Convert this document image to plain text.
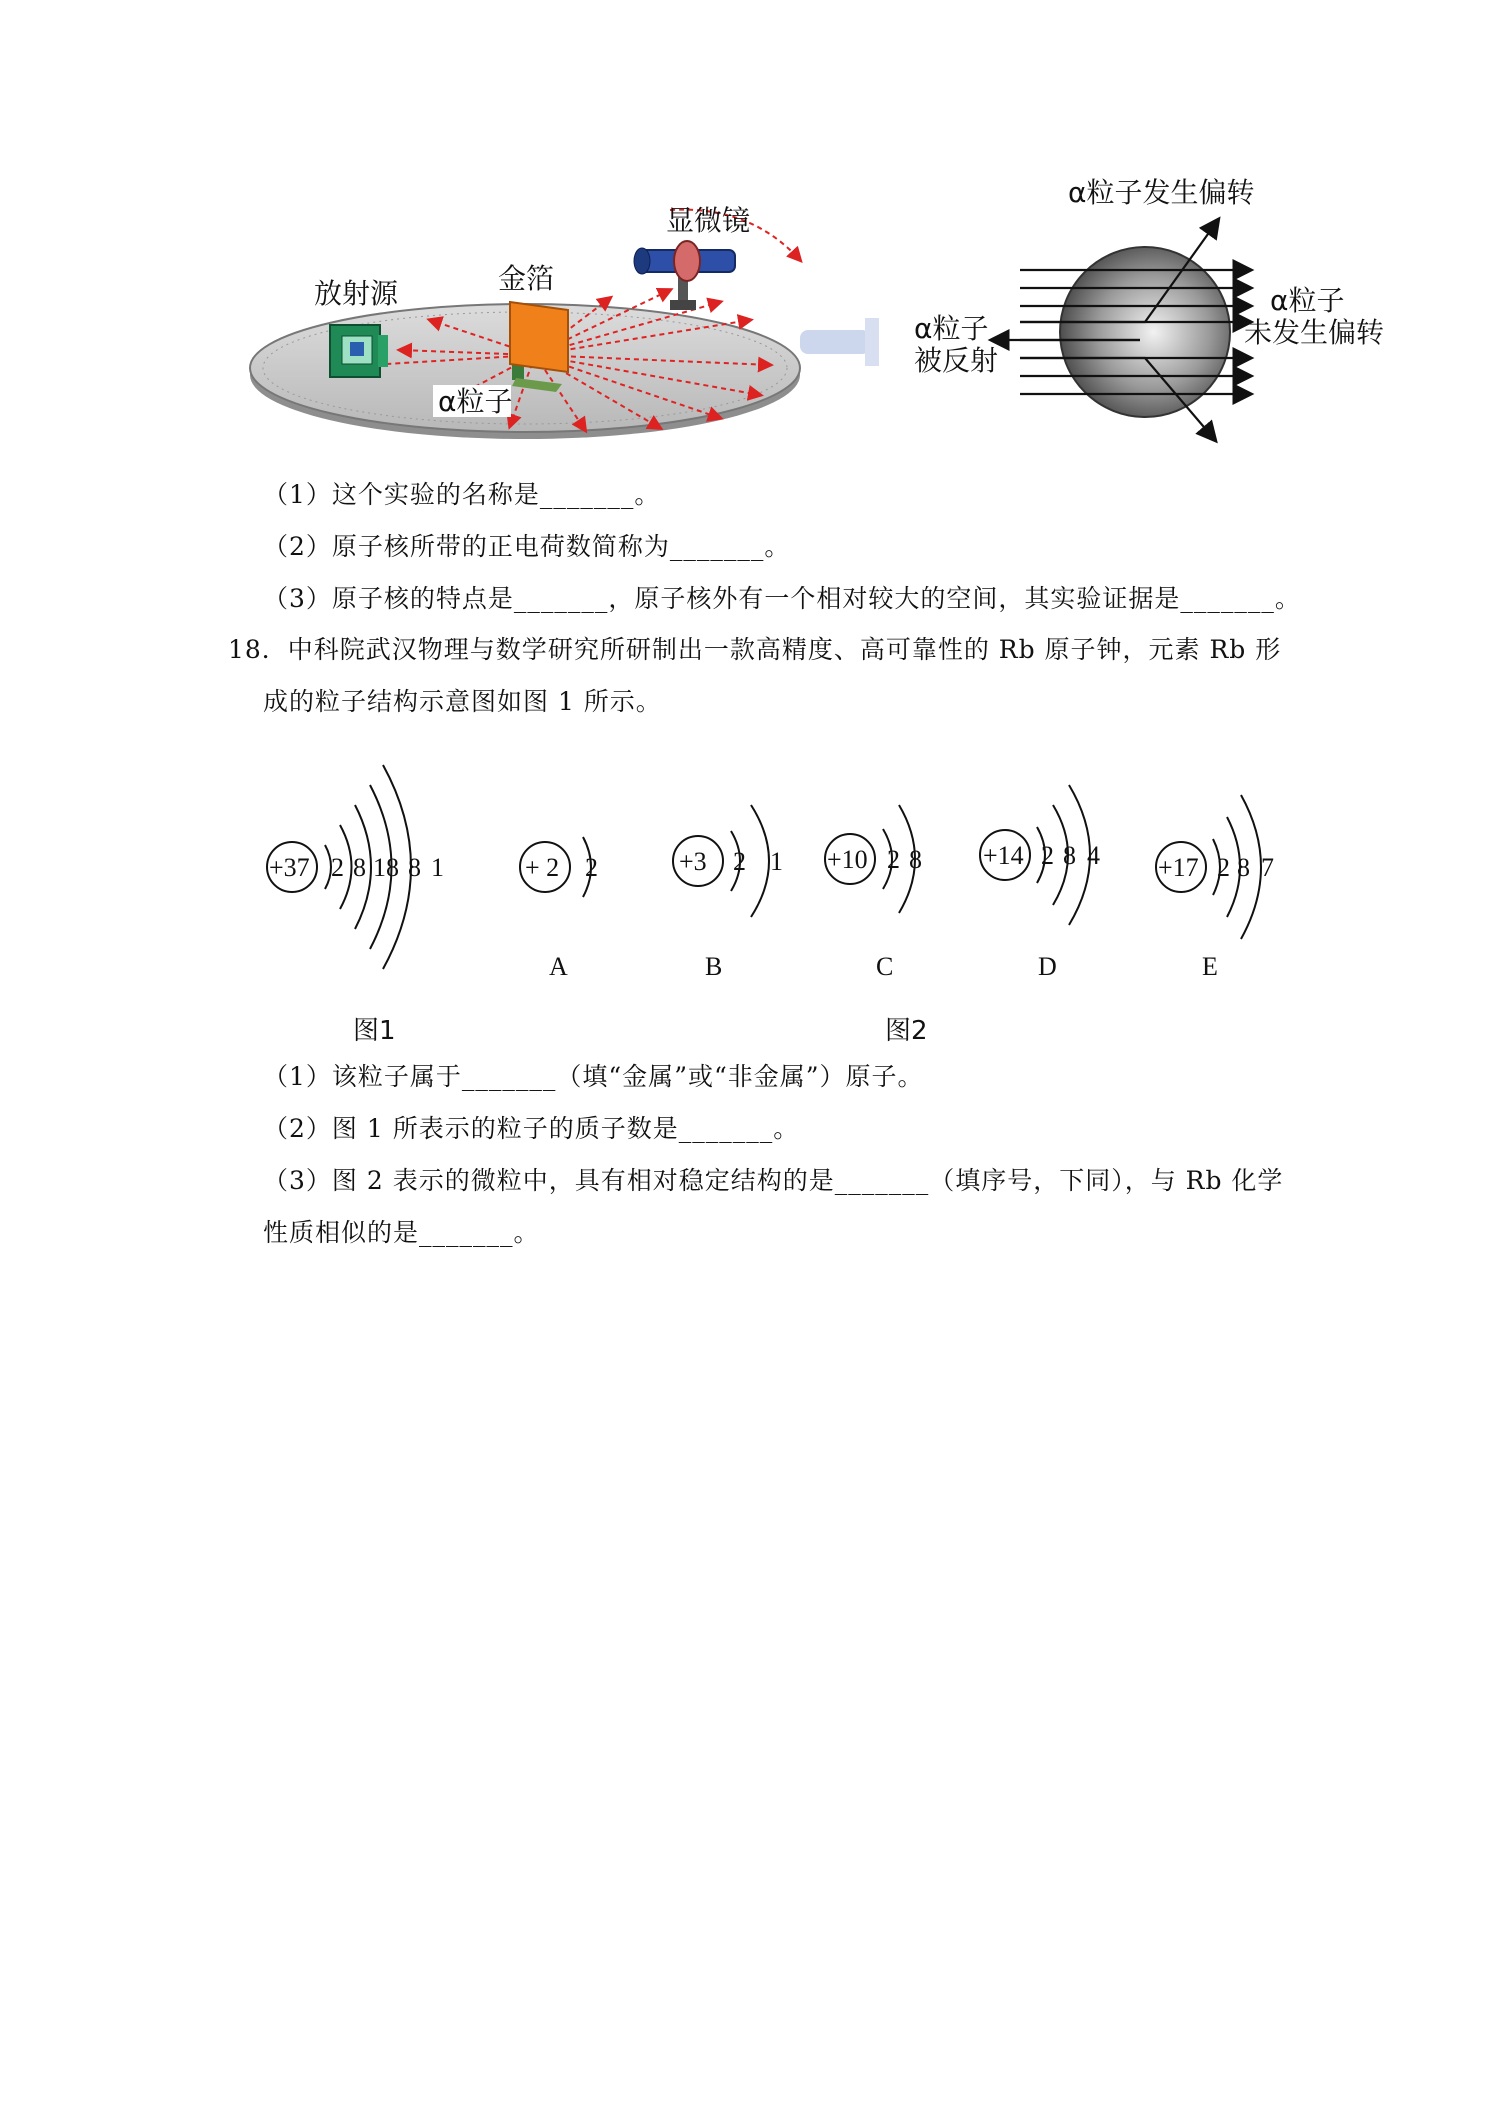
放射源	金箔
显微镜
α粒子
α粒子发生偏转
α粒子
未发生偏转
α粒子
被反射
（1）这个实验的名称是_______。
（2）原子核所带的正电荷数简称为_______。
（3）原子核的特点是_______，原子核外有一个相对较大的空间，其实验证据是_______。
18．中科院武汉物理与数学研究所研制出一款高精度、高可靠性的 Rb 原子钟，元素 Rb 形
成的粒子结构示意图如图 1 所示。
+37 2 8 18 8 1	+ 2 2	+3 2 1 +10 2 8 +14 2 8 4 +17 2 8 7
A	B	C	D	E
图1	图2
（1）该粒子属于_______（填“金属”或“非金属”）原子。
（2）图 1 所表示的粒子的质子数是_______。
（3）图 2 表示的微粒中，具有相对稳定结构的是_______（填序号，下同），与 Rb 化学
性质相似的是_______。
